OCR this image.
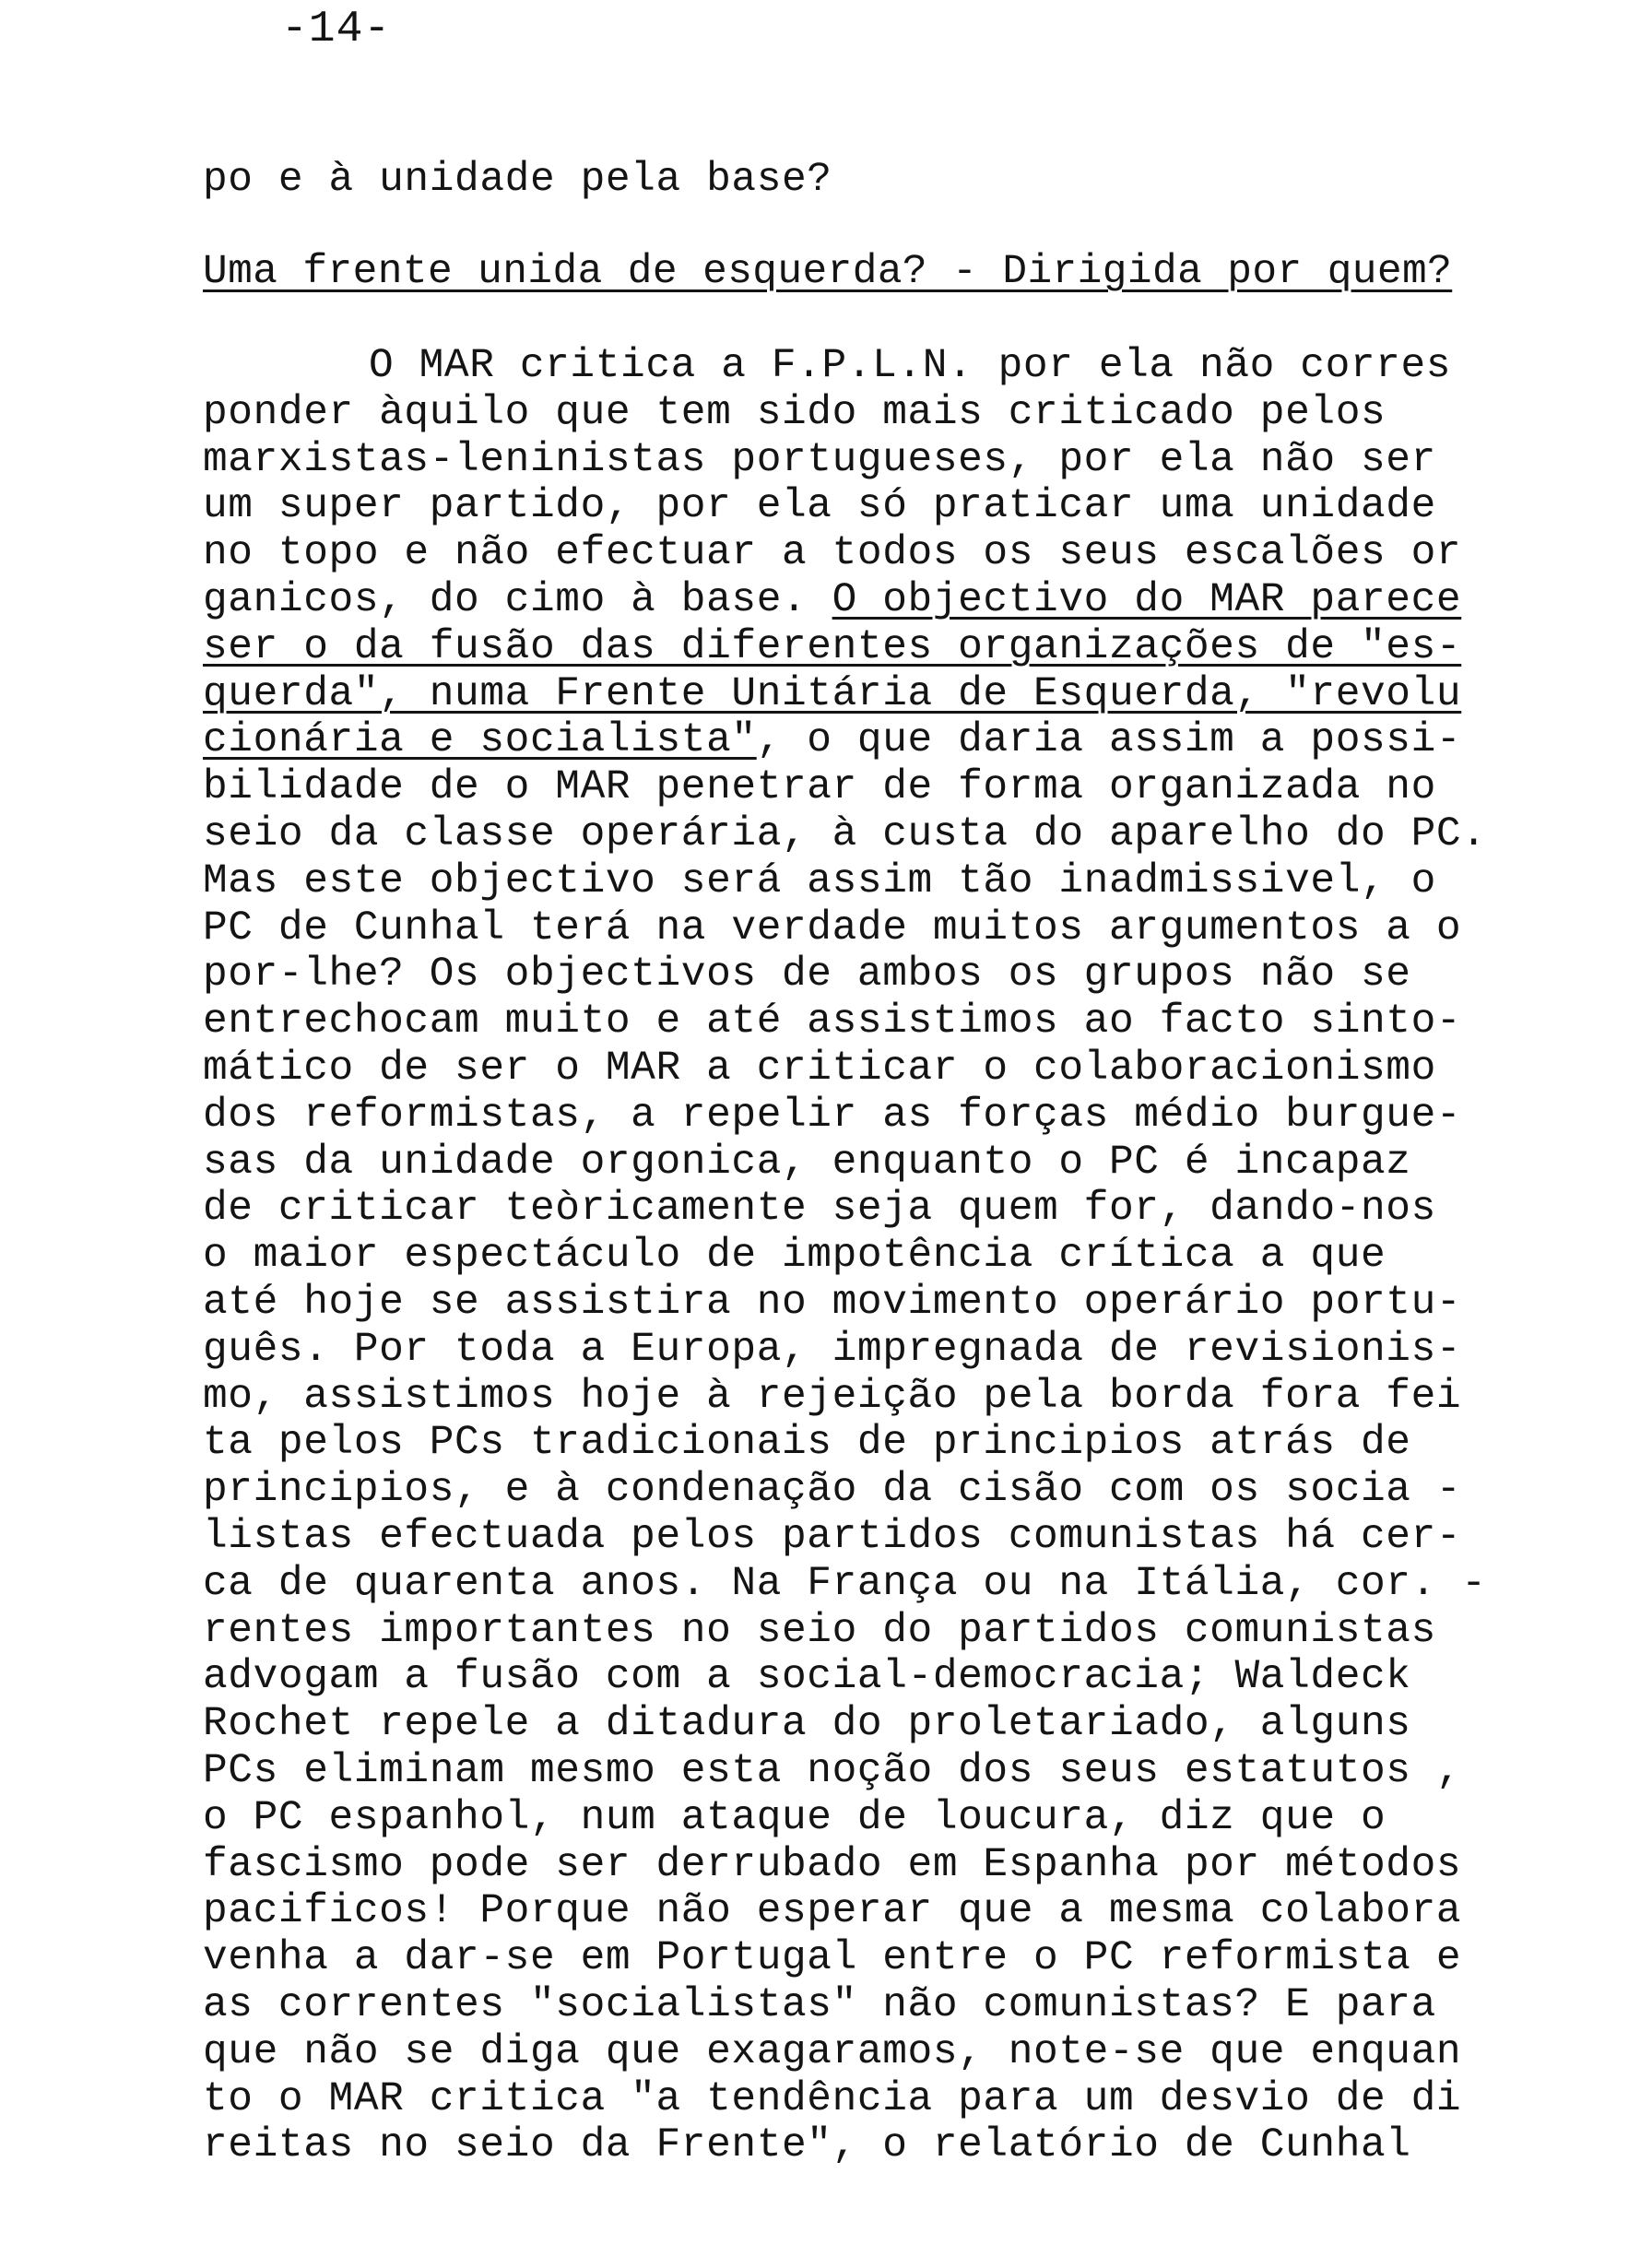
-14-
po e à unidade pela base?
Uma frente unida de esquerda? - Dirigida por quem?
O MAR critica a F.P.L.N. por ela não corres
ponder àquilo que tem sido mais criticado pelos
marxistas-leninistas portugueses, por ela não ser
um super partido, por ela só praticar uma unidade
no topo e não efectuar a todos os seus escalões or
ganicos, do cimo à base. O objectivo do MAR parece
ser o da fusão das diferentes organizações de "es-
querda", numa Frente Unitária de Esquerda, "revolu
cionária e socialista", o que daria assim a possi-
bilidade de o MAR penetrar de forma organizada no
seio da classe operária, à custa do aparelho do PC.
Mas este objectivo será assim tão inadmissivel, o
PC de Cunhal terá na verdade muitos argumentos a o
por-lhe? Os objectivos de ambos os grupos não se
entrechocam muito e até assistimos ao facto sinto-
mático de ser o MAR a criticar o colaboracionismo
dos reformistas, a repelir as forças médio burgue-
sas da unidade orgonica, enquanto o PC é incapaz
de criticar teòricamente seja quem for, dando-nos
o maior espectáculo de impotência crítica a que
até hoje se assistira no movimento operário portu-
guês. Por toda a Europa, impregnada de revisionis-
mo, assistimos hoje à rejeição pela borda fora fei
ta pelos PCs tradicionais de principios atrás de
principios, e à condenação da cisão com os socia -
listas efectuada pelos partidos comunistas há cer-
ca de quarenta anos. Na França ou na Itália, cor. -
rentes importantes no seio do partidos comunistas
advogam a fusão com a social-democracia; Waldeck
Rochet repele a ditadura do proletariado, alguns
PCs eliminam mesmo esta noção dos seus estatutos ,
o PC espanhol, num ataque de loucura, diz que o
fascismo pode ser derrubado em Espanha por métodos
pacificos! Porque não esperar que a mesma colabora
venha a dar-se em Portugal entre o PC reformista e
as correntes "socialistas" não comunistas? E para
que não se diga que exagaramos, note-se que enquan
to o MAR critica "a tendência para um desvio de di
reitas no seio da Frente", o relatório de Cunhal
